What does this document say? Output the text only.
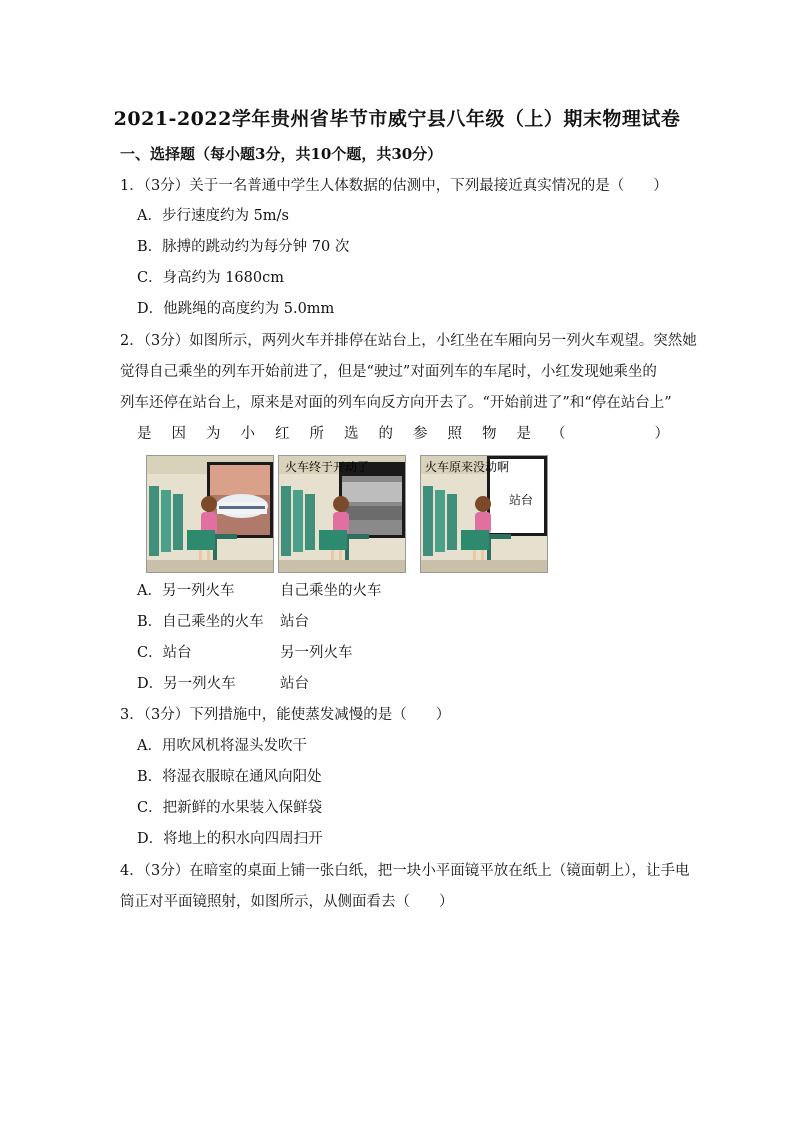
2021-2022学年贵州省毕节市威宁县八年级（上）期末物理试卷
一、选择题（每小题3分，共10个题，共30分）
1．（3分）关于一名普通中学生人体数据的估测中，下列最接近真实情况的是（　　）
A．步行速度约为 5m/s
B．脉搏的跳动约为每分钟 70 次
C．身高约为 1680cm
D．他跳绳的高度约为 5.0mm
2．（3分）如图所示，两列火车并排停在站台上，小红坐在车厢向另一列火车观望。突然她
觉得自己乘坐的列车开始前进了，但是“驶过”对面列车的车尾时，小红发现她乘坐的
列车还停在站台上，原来是对面的列车向反方向开去了。“开始前进了”和“停在站台上”
是 因 为 小 红 所 选 的 参 照 物 是 （

　	）
火车终于开动了	火车原来没动啊
站台
A．另一列火车	自己乘坐的火车
B．自己乘坐的火车 站台
C．站台	另一列火车
D．另一列火车	站台
3．（3分）下列措施中，能使蒸发减慢的是（　　）
A．用吹风机将湿头发吹干
B．将湿衣服晾在通风向阳处
C．把新鲜的水果装入保鲜袋
D．将地上的积水向四周扫开
4．（3分）在暗室的桌面上铺一张白纸，把一块小平面镜平放在纸上（镜面朝上），让手电
筒正对平面镜照射，如图所示，从侧面看去（　　）
